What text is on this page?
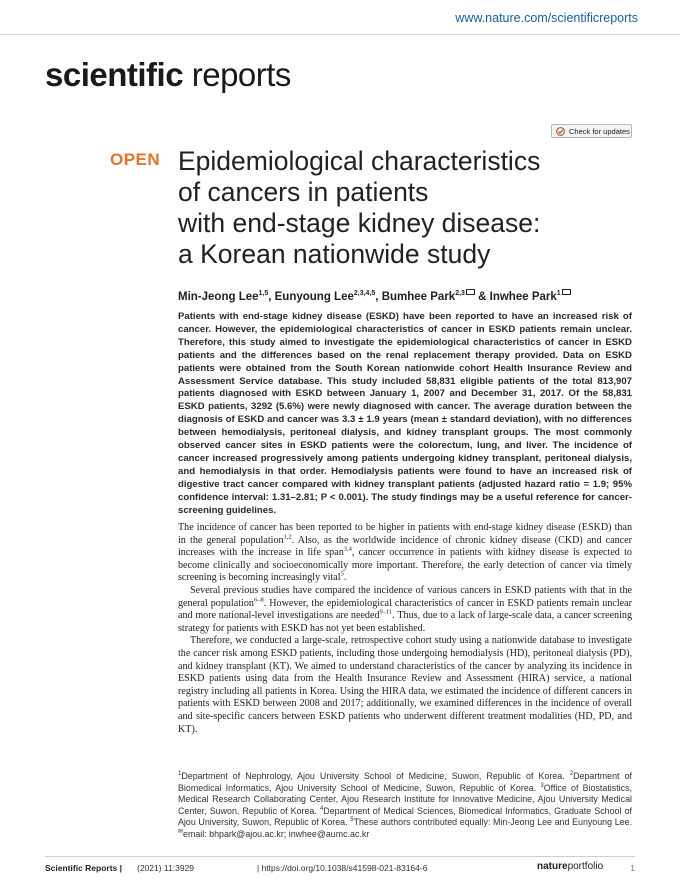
www.nature.com/scientificreports
scientific reports
Check for updates
OPEN Epidemiological characteristics
of cancers in patients
with end‑stage kidney disease:
a Korean nationwide study
Min‑Jeong Lee$^{1,5}$, Eunyoung Lee$^{2,3,4,5}$, Bumhee Park$^{2,3}$ & Inwhee Park$^1$

Patients with end-stage kidney disease (ESKD) have been reported to have an increased risk of cancer. However, the epidemiological characteristics of cancer in ESKD patients remain unclear. Therefore, this study aimed to investigate the epidemiological characteristics of cancer in ESKD patients and the differences based on the renal replacement therapy provided. Data on ESKD patients were obtained from the South Korean nationwide cohort Health Insurance Review and Assessment Service database. This study included 58,831 eligible patients of the total 813,907 patients diagnosed with ESKD between January 1, 2007 and December 31, 2017. Of the 58,831 ESKD patients, 3292 (5.6%) were newly diagnosed with cancer. The average duration between the diagnosis of ESKD and cancer was 3.3 ± 1.9 years (mean ± standard deviation), with no differences between hemodialysis, peritoneal dialysis, and kidney transplant groups. The most commonly observed cancer sites in ESKD patients were the colorectum, lung, and liver. The incidence of cancer increased progressively among patients undergoing kidney transplant, peritoneal dialysis, and hemodialysis in that order. Hemodialysis patients were found to have an increased risk of digestive tract cancer compared with kidney transplant patients (adjusted hazard ratio = 1.9; 95% confidence interval: 1.31–2.81; P < 0.001). The study findings may be a useful reference for cancer-screening guidelines.

The incidence of cancer has been reported to be higher in patients with end-stage kidney disease (ESKD) than in the general population$^{1,2}$. Also, as the worldwide incidence of chronic kidney disease (CKD) and cancer increases with the increase in life span$^{3,4}$, cancer occurrence in patients with kidney disease is expected to become clinically and socioeconomically more important. Therefore, the early detection of cancer via timely screening is becoming increasingly vital$^5$.

Several previous studies have compared the incidence of various cancers in ESKD patients with that in the general population$^{6-8}$. However, the epidemiological characteristics of cancer in ESKD patients remain unclear and more national-level investigations are needed$^{9-11}$. Thus, due to a lack of large-scale data, a cancer screening strategy for patients with ESKD has not yet been established.

Therefore, we conducted a large-scale, retrospective cohort study using a nationwide database to investigate the cancer risk among ESKD patients, including those undergoing hemodialysis (HD), peritoneal dialysis (PD), and kidney transplant (KT). We aimed to understand characteristics of the cancer by analyzing its incidence in ESKD patients using data from the Health Insurance Review and Assessment (HIRA) service, a national registry including all patients in Korea. Using the HIRA data, we estimated the incidence of different cancers in patients with ESKD between 2008 and 2017; additionally, we examined differences in the incidence of overall and site-specific cancers between ESKD patients who underwent different treatment modalities (HD, PD, and KT).

$^1$Department of Nephrology, Ajou University School of Medicine, Suwon, Republic of Korea. $^2$Department of Biomedical Informatics, Ajou University School of Medicine, Suwon, Republic of Korea. $^3$Office of Biostatistics, Medical Research Collaborating Center, Ajou Research Institute for Innovative Medicine, Ajou University Medical Center, Suwon, Republic of Korea. $^4$Department of Medical Sciences, Biomedical Informatics, Graduate School of Ajou University, Suwon, Republic of Korea. $^5$These authors contributed equally: Min-Jeong Lee and Eunyoung Lee. ✉email: bhpark@ajou.ac.kr; inwhee@aumc.ac.kr

Scientific Reports | (2021) 11:3929	| https://doi.org/10.1038/s41598-021-83164-6	natureportfolio	1
